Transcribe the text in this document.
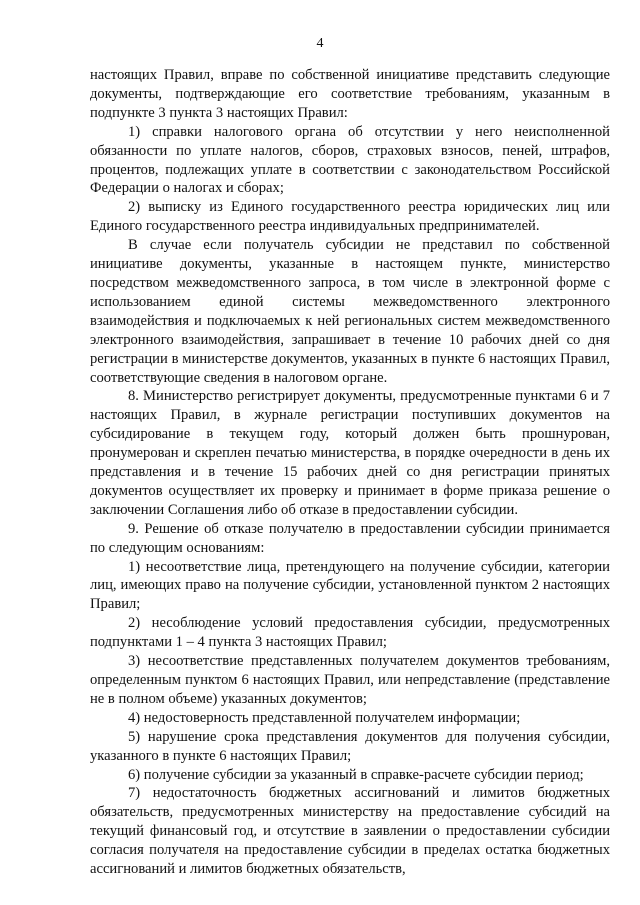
4

настоящих Правил, вправе по собственной инициативе представить следующие документы, подтверждающие его соответствие требованиям, указанным в подпункте 3 пункта 3 настоящих Правил:

1) справки налогового органа об отсутствии у него неисполненной обязанности по уплате налогов, сборов, страховых взносов, пеней, штрафов, процентов, подлежащих уплате в соответствии с законодательством Российской Федерации о налогах и сборах;

2) выписку из Единого государственного реестра юридических лиц или Единого государственного реестра индивидуальных предпринимателей.

В случае если получатель субсидии не представил по собственной инициативе документы, указанные в настоящем пункте, министерство посредством межведомственного запроса, в том числе в электронной форме с использованием единой системы межведомственного электронного взаимодействия и подключаемых к ней региональных систем межведомственного электронного взаимодействия, запрашивает в течение 10 рабочих дней со дня регистрации в министерстве документов, указанных в пункте 6 настоящих Правил, соответствующие сведения в налоговом органе.

8. Министерство регистрирует документы, предусмотренные пунктами 6 и 7 настоящих Правил, в журнале регистрации поступивших документов на субсидирование в текущем году, который должен быть прошнурован, пронумерован и скреплен печатью министерства, в порядке очередности в день их представления и в течение 15 рабочих дней со дня регистрации принятых документов осуществляет их проверку и принимает в форме приказа решение о заключении Соглашения либо об отказе в предоставлении субсидии.

9. Решение об отказе получателю в предоставлении субсидии принимается по следующим основаниям:

1) несоответствие лица, претендующего на получение субсидии, категории лиц, имеющих право на получение субсидии, установленной пунктом 2 настоящих Правил;

2) несоблюдение условий предоставления субсидии, предусмотренных подпунктами 1 – 4 пункта 3 настоящих Правил;

3) несоответствие представленных получателем документов требованиям, определенным пунктом 6 настоящих Правил, или непредставление (представление не в полном объеме) указанных документов;

4) недостоверность представленной получателем информации;

5) нарушение срока представления документов для получения субсидии, указанного в пункте 6 настоящих Правил;

6) получение субсидии за указанный в справке-расчете субсидии период;

7) недостаточность бюджетных ассигнований и лимитов бюджетных обязательств, предусмотренных министерству на предоставление субсидий на текущий финансовый год, и отсутствие в заявлении о предоставлении субсидии согласия получателя на предоставление субсидии в пределах остатка бюджетных ассигнований и лимитов бюджетных обязательств,
